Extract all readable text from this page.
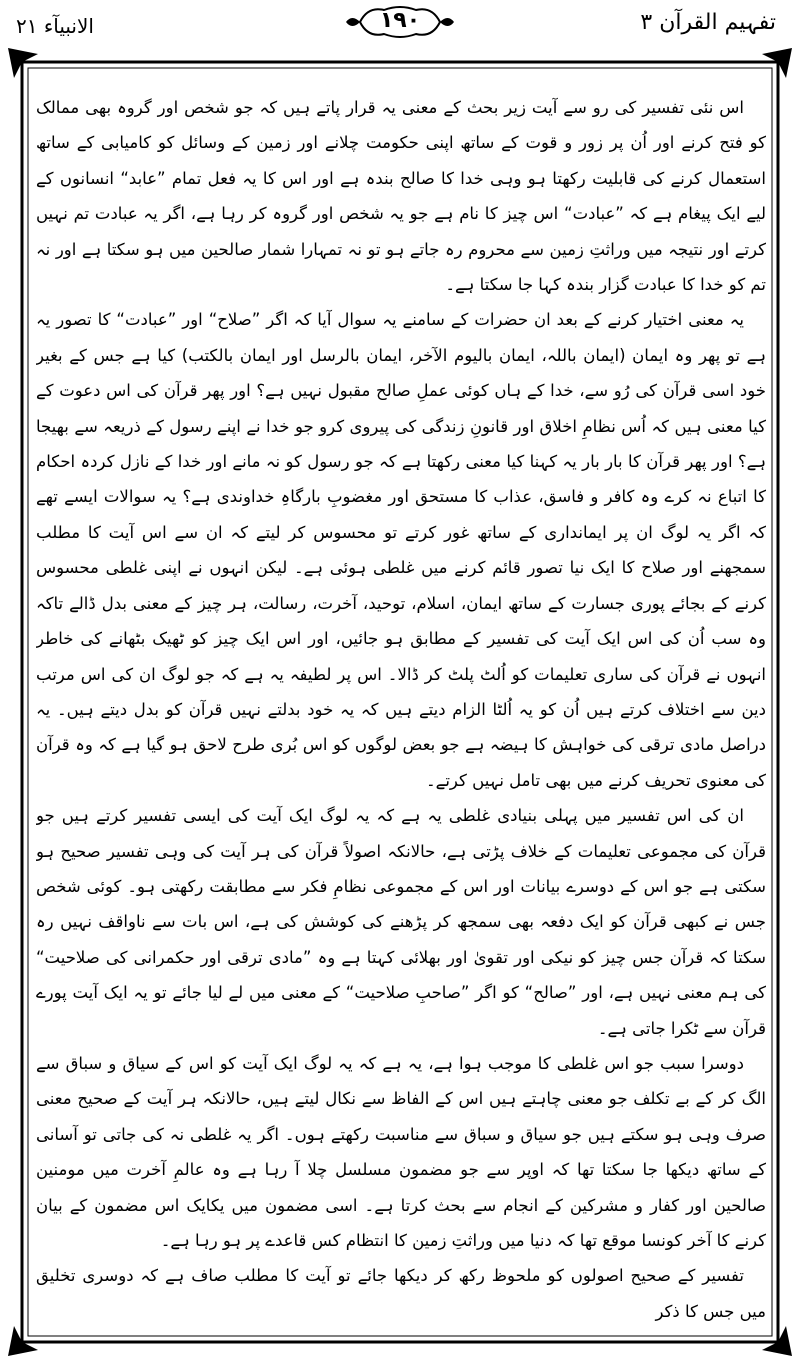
الانبیآء ۲۱	۱۹۰	تفہیم القرآن ۳

اس نئی تفسیر کی رو سے آیت زیر بحث کے معنی یہ قرار پاتے ہیں کہ جو شخص اور گروہ بھی ممالک کو فتح کرنے اور اُن پر زور و قوت کے ساتھ اپنی حکومت چلانے اور زمین کے وسائل کو کامیابی کے ساتھ استعمال کرنے کی قابلیت رکھتا ہو وہی خدا کا صالح بندہ ہے اور اس کا یہ فعل تمام ”عابد“ انسانوں کے لیے ایک پیغام ہے کہ ”عبادت“ اس چیز کا نام ہے جو یہ شخص اور گروہ کر رہا ہے، اگر یہ عبادت تم نہیں کرتے اور نتیجہ میں وراثتِ زمین سے محروم رہ جاتے ہو تو نہ تمہارا شمار صالحین میں ہو سکتا ہے اور نہ تم کو خدا کا عبادت گزار بندہ کہا جا سکتا ہے۔

یہ معنی اختیار کرنے کے بعد ان حضرات کے سامنے یہ سوال آیا کہ اگر ”صلاح“ اور ”عبادت“ کا تصور یہ ہے تو پھر وہ ایمان (ایمان باللہ، ایمان بالیوم الآخر، ایمان بالرسل اور ایمان بالکتب) کیا ہے جس کے بغیر خود اسی قرآن کی رُو سے، خدا کے ہاں کوئی عملِ صالح مقبول نہیں ہے؟ اور پھر قرآن کی اس دعوت کے کیا معنی ہیں کہ اُس نظامِ اخلاق اور قانونِ زندگی کی پیروی کرو جو خدا نے اپنے رسول کے ذریعہ سے بھیجا ہے؟ اور پھر قرآن کا بار بار یہ کہنا کیا معنی رکھتا ہے کہ جو رسول کو نہ مانے اور خدا کے نازل کردہ احکام کا اتباع نہ کرے وہ کافر و فاسق، عذاب کا مستحق اور مغضوبِ بارگاہِ خداوندی ہے؟ یہ سوالات ایسے تھے کہ اگر یہ لوگ ان پر ایمانداری کے ساتھ غور کرتے تو محسوس کر لیتے کہ ان سے اس آیت کا مطلب سمجھنے اور صلاح کا ایک نیا تصور قائم کرنے میں غلطی ہوئی ہے۔ لیکن انہوں نے اپنی غلطی محسوس کرنے کے بجائے پوری جسارت کے ساتھ ایمان، اسلام، توحید، آخرت، رسالت، ہر چیز کے معنی بدل ڈالے تاکہ وہ سب اُن کی اس ایک آیت کی تفسیر کے مطابق ہو جائیں، اور اس ایک چیز کو ٹھیک بٹھانے کی خاطر انہوں نے قرآن کی ساری تعلیمات کو اُلٹ پلٹ کر ڈالا۔ اس پر لطیفہ یہ ہے کہ جو لوگ ان کی اس مرتب دین سے اختلاف کرتے ہیں اُن کو یہ اُلٹا الزام دیتے ہیں کہ یہ خود بدلتے نہیں قرآن کو بدل دیتے ہیں۔ یہ دراصل مادی ترقی کی خواہش کا ہیضہ ہے جو بعض لوگوں کو اس بُری طرح لاحق ہو گیا ہے کہ وہ قرآن کی معنوی تحریف کرنے میں بھی تامل نہیں کرتے۔

ان کی اس تفسیر میں پہلی بنیادی غلطی یہ ہے کہ یہ لوگ ایک آیت کی ایسی تفسیر کرتے ہیں جو قرآن کی مجموعی تعلیمات کے خلاف پڑتی ہے، حالانکہ اصولاً قرآن کی ہر آیت کی وہی تفسیر صحیح ہو سکتی ہے جو اس کے دوسرے بیانات اور اس کے مجموعی نظامِ فکر سے مطابقت رکھتی ہو۔ کوئی شخص جس نے کبھی قرآن کو ایک دفعہ بھی سمجھ کر پڑھنے کی کوشش کی ہے، اس بات سے ناواقف نہیں رہ سکتا کہ قرآن جس چیز کو نیکی اور تقویٰ اور بھلائی کہتا ہے وہ ”مادی ترقی اور حکمرانی کی صلاحیت“ کی ہم معنی نہیں ہے، اور ”صالح“ کو اگر ”صاحبِ صلاحیت“ کے معنی میں لے لیا جائے تو یہ ایک آیت پورے قرآن سے ٹکرا جاتی ہے۔

دوسرا سبب جو اس غلطی کا موجب ہوا ہے، یہ ہے کہ یہ لوگ ایک آیت کو اس کے سیاق و سباق سے الگ کر کے بے تکلف جو معنی چاہتے ہیں اس کے الفاظ سے نکال لیتے ہیں، حالانکہ ہر آیت کے صحیح معنی صرف وہی ہو سکتے ہیں جو سیاق و سباق سے مناسبت رکھتے ہوں۔ اگر یہ غلطی نہ کی جاتی تو آسانی کے ساتھ دیکھا جا سکتا تھا کہ اوپر سے جو مضمون مسلسل چلا آ رہا ہے وہ عالمِ آخرت میں مومنین صالحین اور کفار و مشرکین کے انجام سے بحث کرتا ہے۔ اسی مضمون میں یکایک اس مضمون کے بیان کرنے کا آخر کونسا موقع تھا کہ دنیا میں وراثتِ زمین کا انتظام کس قاعدے پر ہو رہا ہے۔

تفسیر کے صحیح اصولوں کو ملحوظ رکھ کر دیکھا جائے تو آیت کا مطلب صاف ہے کہ دوسری تخلیق میں جس کا ذکر
